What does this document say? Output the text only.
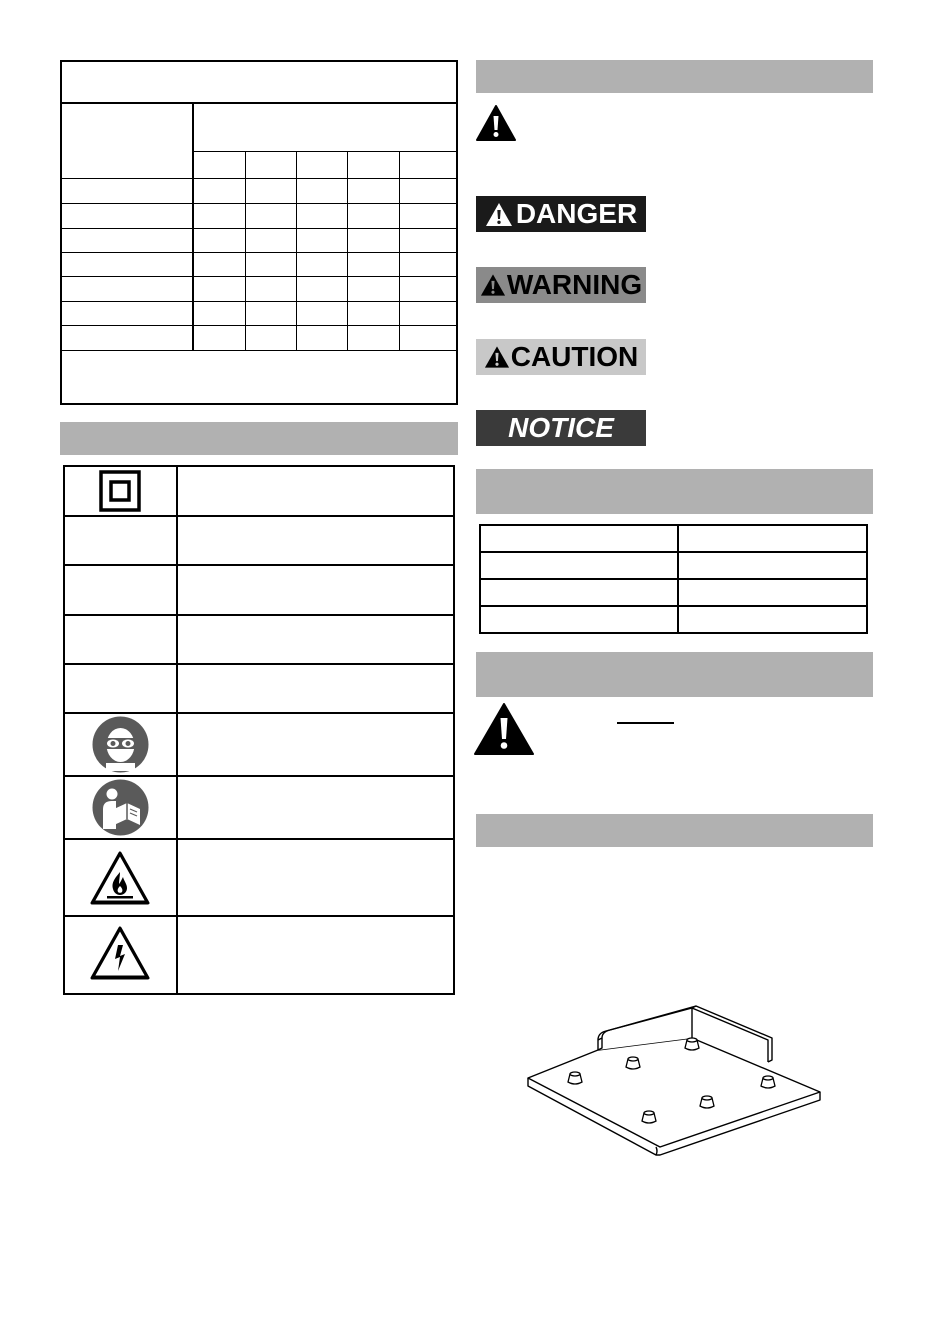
DANGER
WARNING
CAUTION
NOTICE
